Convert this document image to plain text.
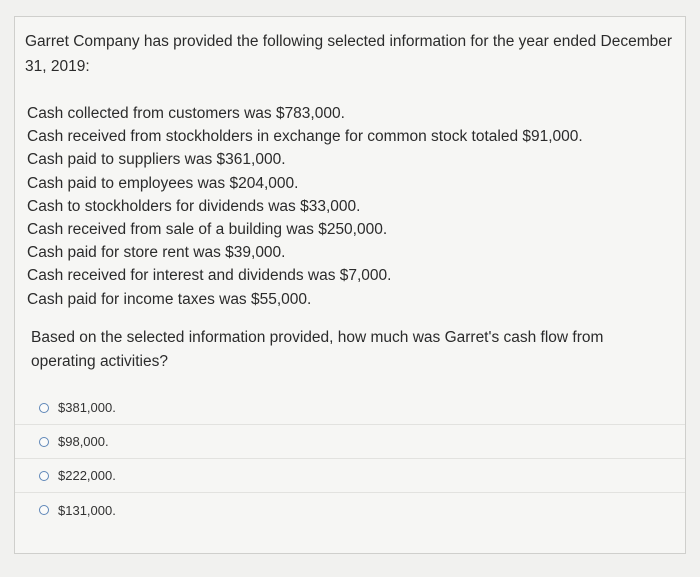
Garret Company has provided the following selected information for the year ended December 31, 2019:
Cash collected from customers was $783,000.
Cash received from stockholders in exchange for common stock totaled $91,000.
Cash paid to suppliers was $361,000.
Cash paid to employees was $204,000.
Cash to stockholders for dividends was $33,000.
Cash received from sale of a building was $250,000.
Cash paid for store rent was $39,000.
Cash received for interest and dividends was $7,000.
Cash paid for income taxes was $55,000.
Based on the selected information provided, how much was Garret's cash flow from operating activities?
$381,000.
$98,000.
$222,000.
$131,000.
